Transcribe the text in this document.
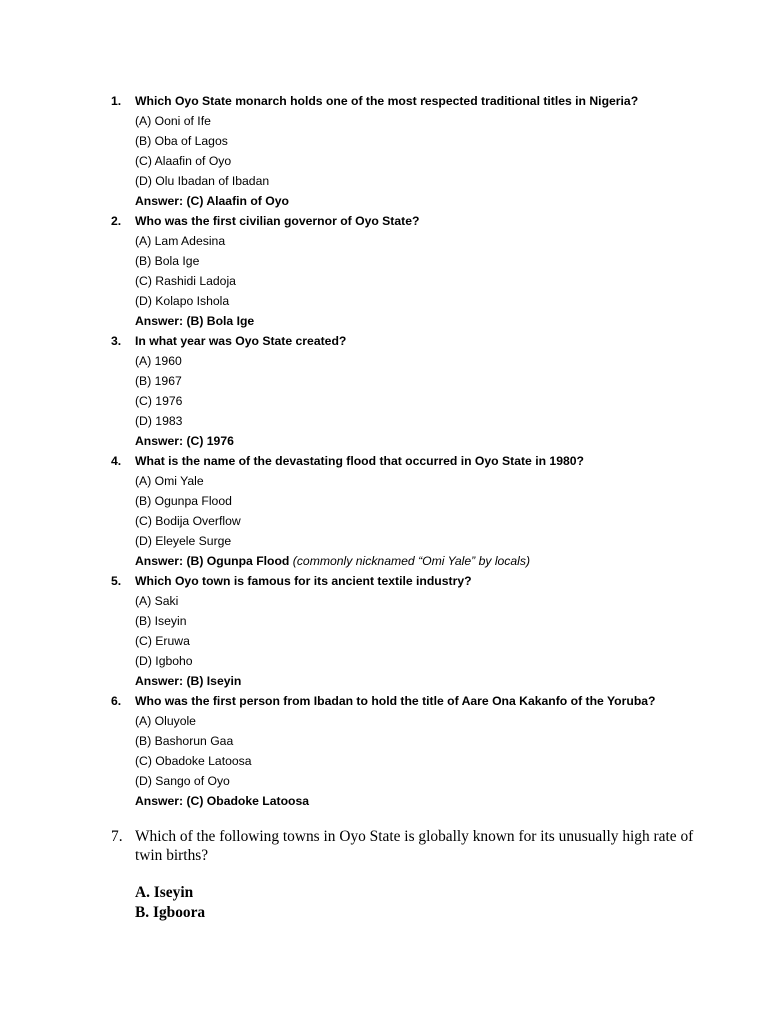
1. Which Oyo State monarch holds one of the most respected traditional titles in Nigeria?
(A) Ooni of Ife
(B) Oba of Lagos
(C) Alaafin of Oyo
(D) Olu Ibadan of Ibadan
Answer: (C) Alaafin of Oyo
2. Who was the first civilian governor of Oyo State?
(A) Lam Adesina
(B) Bola Ige
(C) Rashidi Ladoja
(D) Kolapo Ishola
Answer: (B) Bola Ige
3. In what year was Oyo State created?
(A) 1960
(B) 1967
(C) 1976
(D) 1983
Answer: (C) 1976
4. What is the name of the devastating flood that occurred in Oyo State in 1980?
(A) Omi Yale
(B) Ogunpa Flood
(C) Bodija Overflow
(D) Eleyele Surge
Answer: (B) Ogunpa Flood (commonly nicknamed “Omi Yale” by locals)
5. Which Oyo town is famous for its ancient textile industry?
(A) Saki
(B) Iseyin
(C) Eruwa
(D) Igboho
Answer: (B) Iseyin
6. Who was the first person from Ibadan to hold the title of Aare Ona Kakanfo of the Yoruba?
(A) Oluyole
(B) Bashorun Gaa
(C) Obadoke Latoosa
(D) Sango of Oyo
Answer: (C) Obadoke Latoosa
7. Which of the following towns in Oyo State is globally known for its unusually high rate of twin births?
A. Iseyin
B. Igboora
